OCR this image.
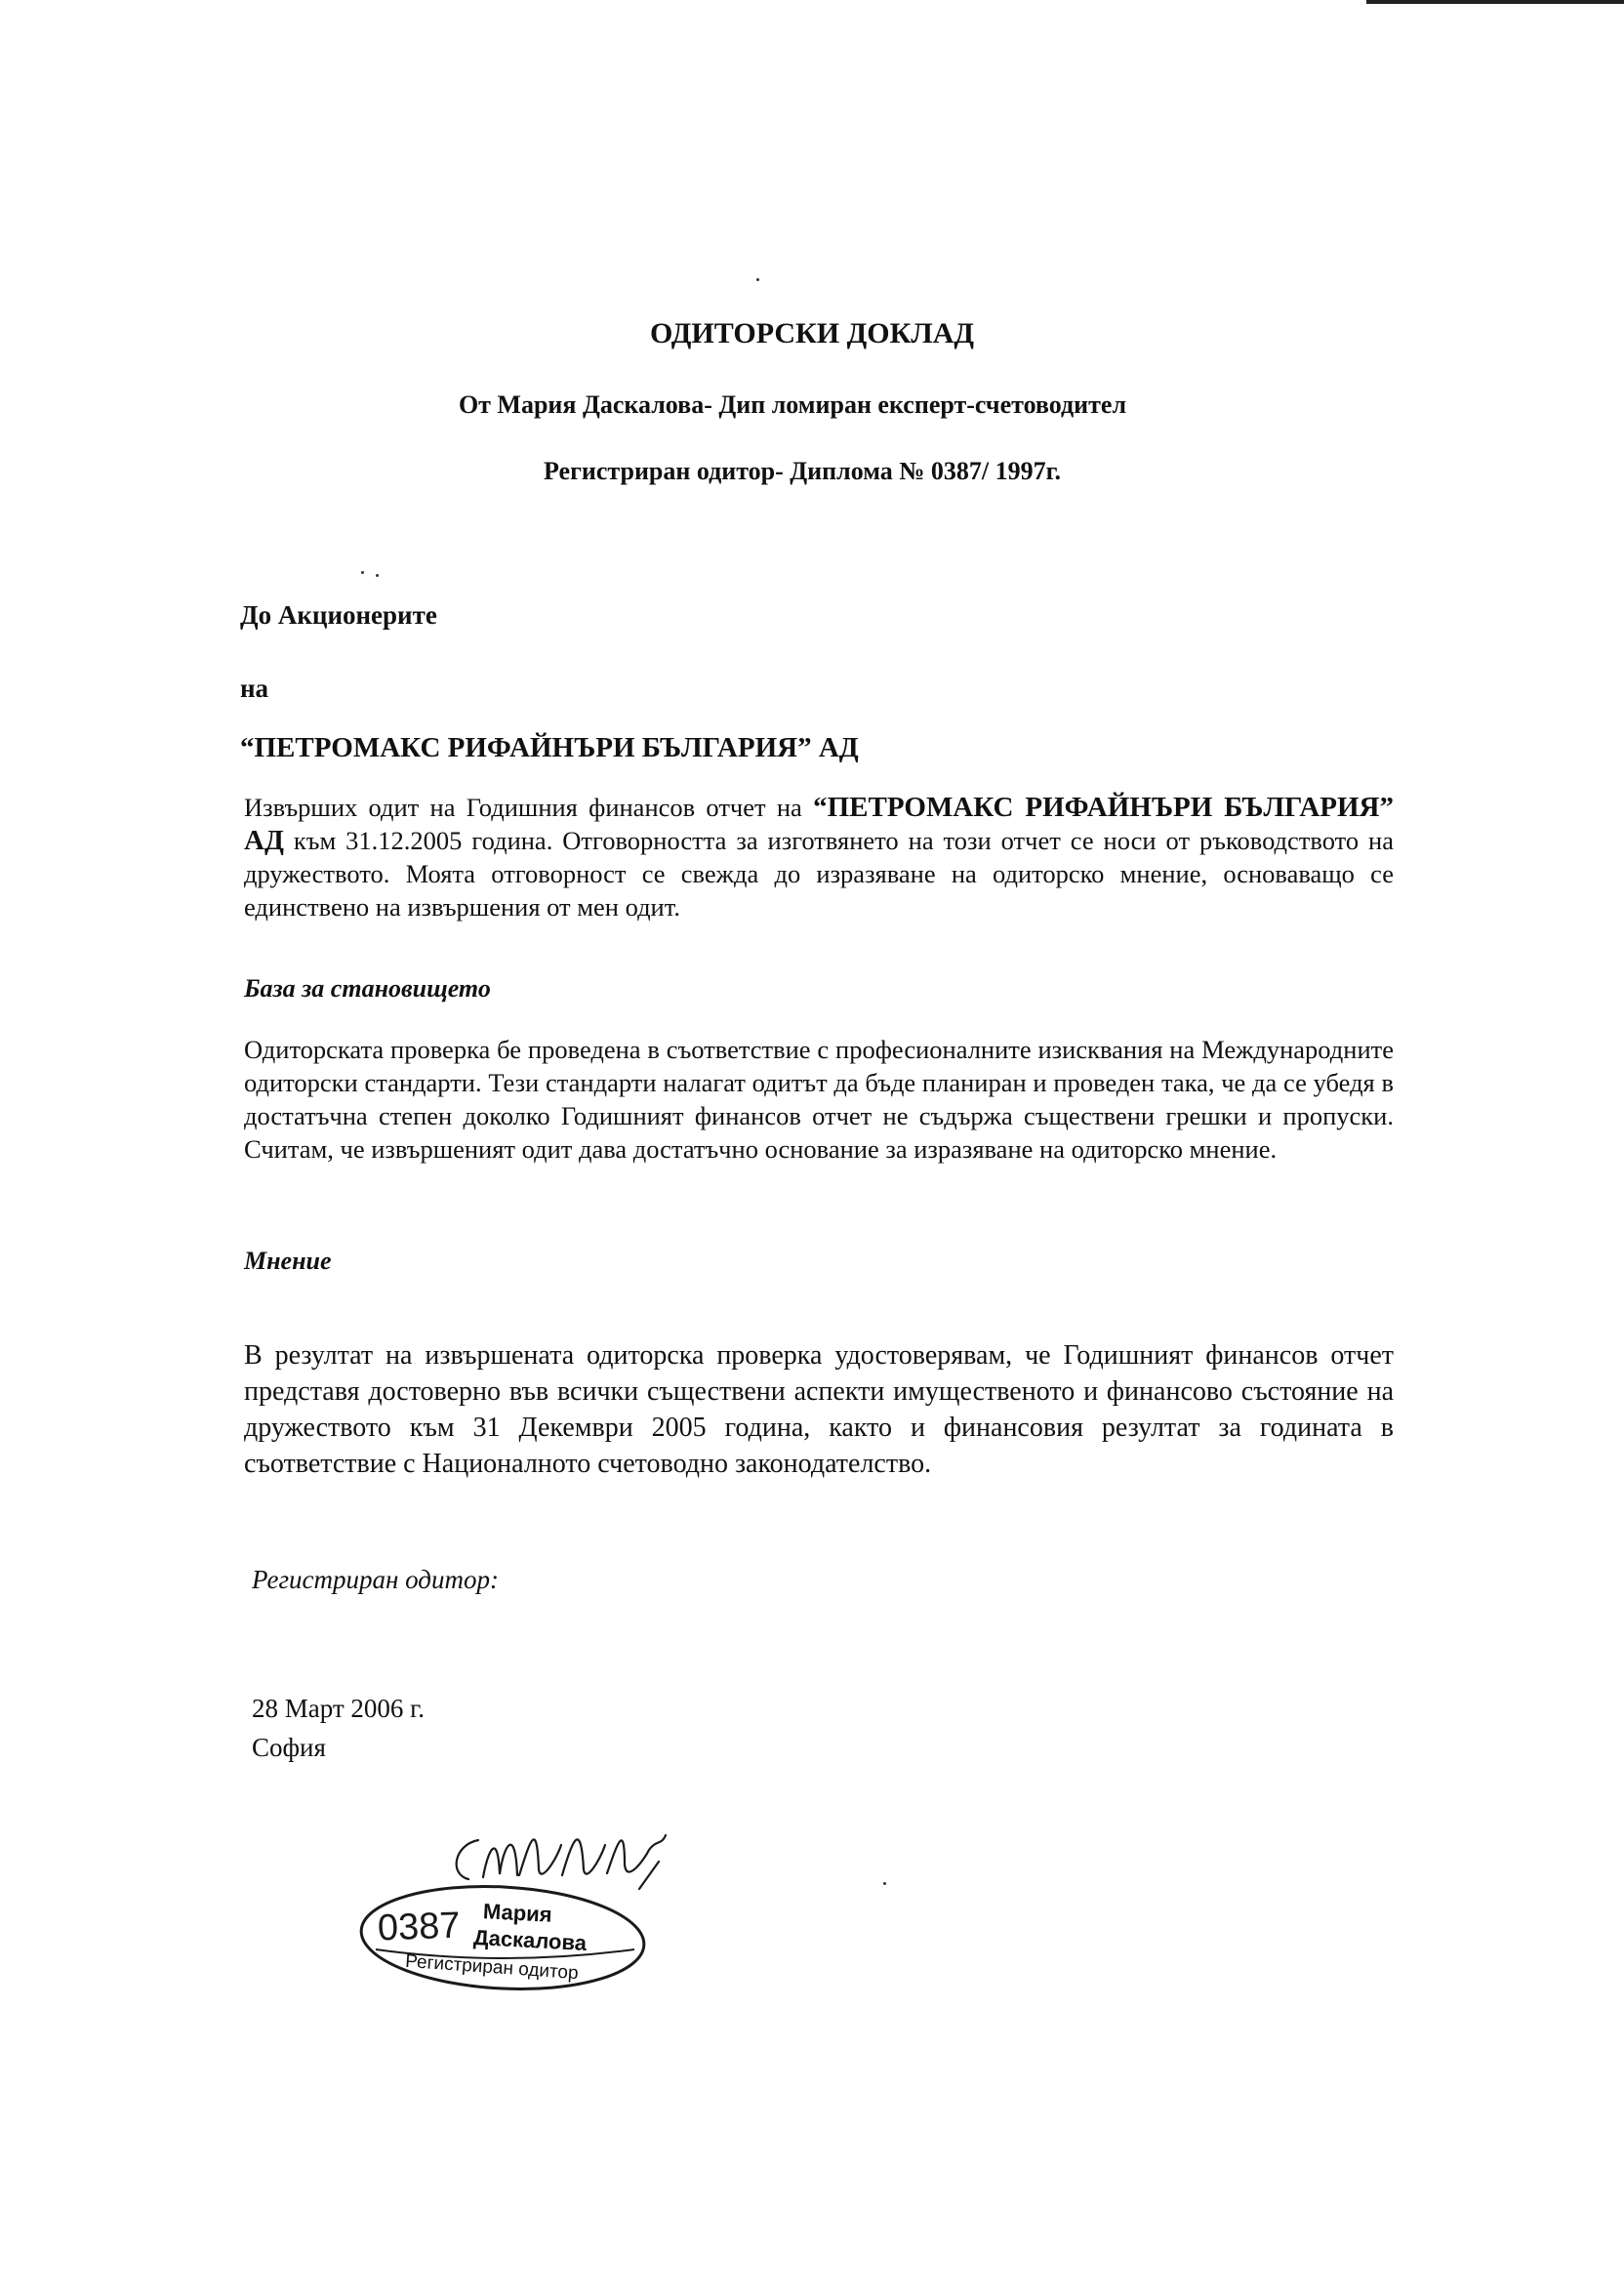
ОДИТОРСКИ ДОКЛАД
От Мария Даскалова- Дип ломиран експерт-счетоводител
Регистриран одитор- Диплома № 0387/ 1997г.
До Акционерите
на
“ПЕТРОМАКС РИФАЙНЪРИ БЪЛГАРИЯ” АД
Извърших одит на Годишния финансов отчет на “ПЕТРОМАКС РИФАЙНЪРИ БЪЛГАРИЯ” АД към 31.12.2005 година. Отговорността за изготвянето на този отчет се носи от ръководството на дружеството. Моята отговорност се свежда до изразяване на одиторско мнение, основаващо се единствено на извършения от мен одит.
База за становището
Одиторската проверка бе проведена в съответствие с професионалните изисквания на Международните одиторски стандарти. Тези стандарти налагат одитът да бъде планиран и проведен така, че да се убедя в достатъчна степен доколко Годишният финансов отчет не съдържа съществени грешки и пропуски. Считам, че извършеният одит дава достатъчно основание за изразяване на одиторско мнение.
Мнение
В резултат на извършената одиторска проверка удостоверявам, че Годишният финансов отчет представя достоверно във всички съществени аспекти имущественото и финансово състояние на дружеството към 31 Декември 2005 година, както и финансовия резултат за годината в съответствие с Националното счетоводно законодателство.
Регистриран одитор:
28 Март 2006 г.
София
0387 Мария
Даскалова
Регистриран одитор
